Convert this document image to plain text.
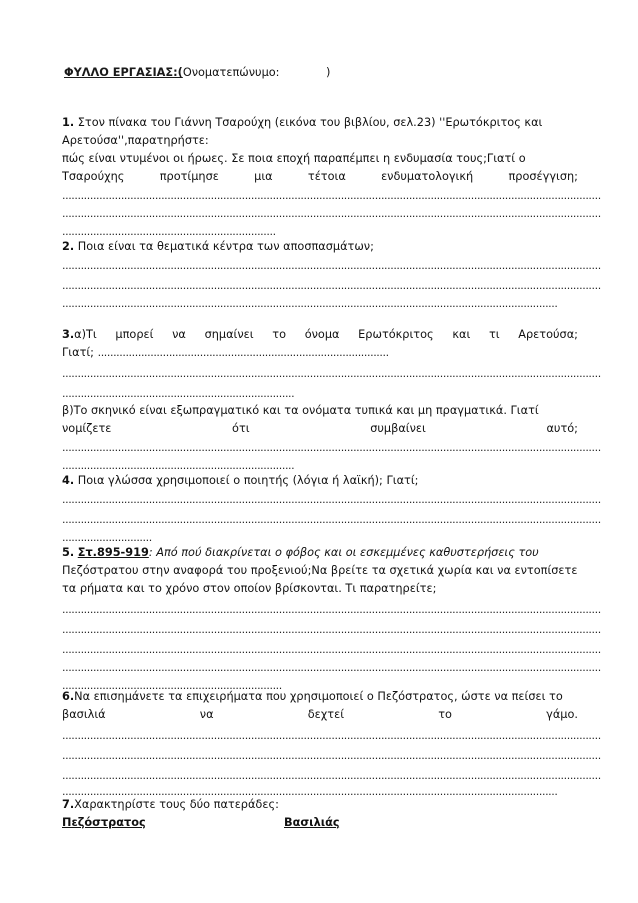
ΦΥΛΛΟ ΕΡΓΑΣΙΑΣ:(Ονοματεπώνυμο:	)
1. Στον πίνακα του Γιάννη Τσαρούχη (εικόνα του βιβλίου, σελ.23) ''Ερωτόκριτος και
Αρετούσα'',παρατηρήστε:
πώς είναι ντυμένοι οι ήρωες. Σε ποια εποχή παραπέμπει η ενδυμασία τους;Γιατί ο
Τσαρούχης	προτίμησε	μια	τέτοια	ενδυματολογική	προσέγγιση;
..............................................................................................................................................................................
..............................................................................................................................................................................
.....................................................................
2. Ποια είναι τα θεματικά κέντρα των αποσπασμάτων;
..............................................................................................................................................................................
..............................................................................................................................................................................
................................................................................................................................................................
3.α)Τι μπορεί να σημαίνει το όνομα Ερωτόκριτος και τι Αρετούσα;
Γιατί; ..............................................................................................
..............................................................................................................................................................................
...........................................................................
β)Το σκηνικό είναι εξωπραγματικό και τα ονόματα τυπικά και μη πραγματικά. Γιατί
νομίζετε	ότι	συμβαίνει	αυτό;
..............................................................................................................................................................................
...........................................................................
4. Ποια γλώσσα χρησιμοποιεί ο ποιητής (λόγια ή λαϊκή); Γιατί;
..............................................................................................................................................................................
..............................................................................................................................................................................
.............................
5. Στ.895-919: Από πού διακρίνεται ο φόβος και οι εσκεμμένες καθυστερήσεις του
Πεζόστρατου στην αναφορά του προξενιού;Να βρείτε τα σχετικά χωρία και να εντοπίσετε
τα ρήματα και το χρόνο στον οποίον βρίσκονται. Τι παρατηρείτε;
..............................................................................................................................................................................
..............................................................................................................................................................................
..............................................................................................................................................................................
..............................................................................................................................................................................
.......................................................................
6.Να επισημάνετε τα επιχειρήματα που χρησιμοποιεί ο Πεζόστρατος, ώστε να πείσει το
βασιλιά	να	δεχτεί	το	γάμο.
..............................................................................................................................................................................
..............................................................................................................................................................................
..............................................................................................................................................................................
................................................................................................................................................................
7.Χαρακτηρίστε τους δύο πατεράδες:
Πεζόστρατος	Βασιλιάς
